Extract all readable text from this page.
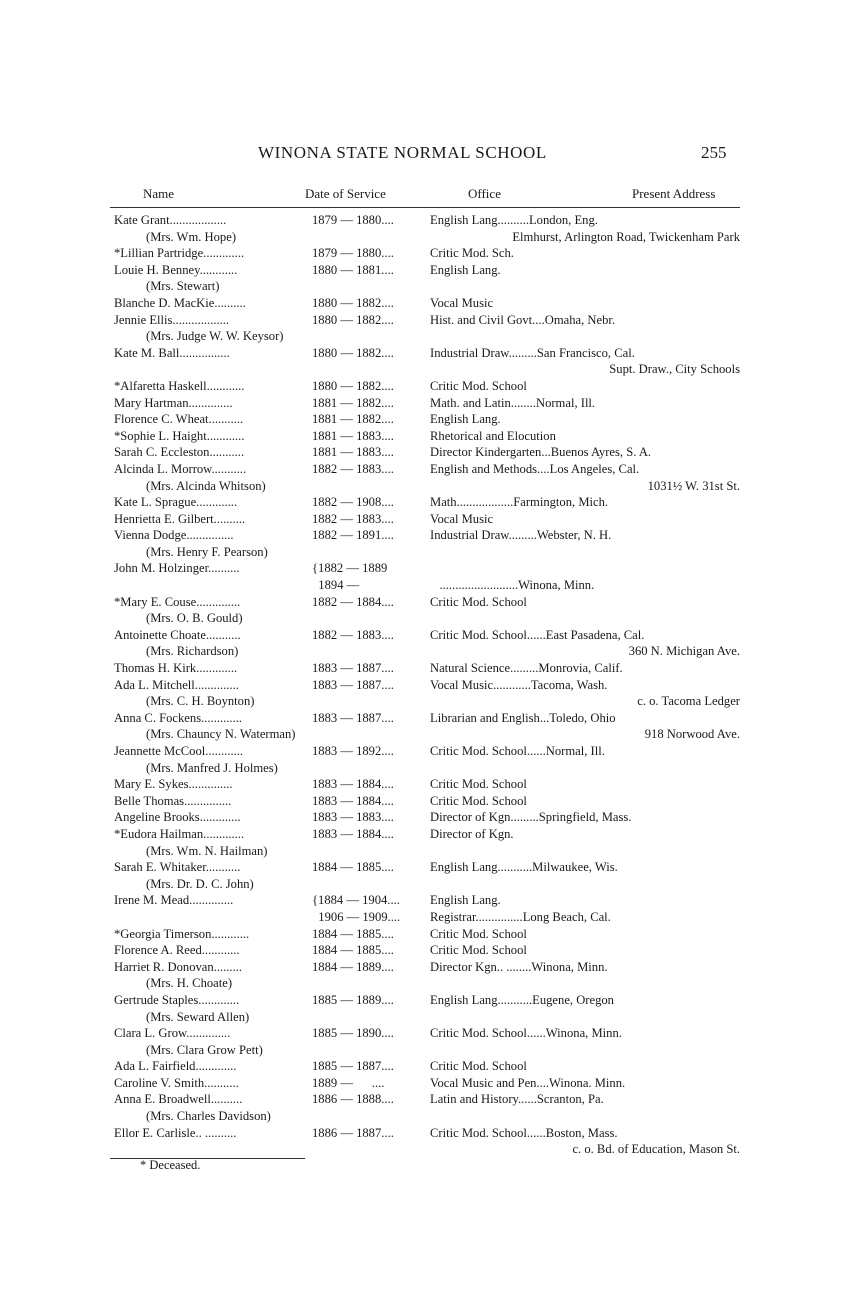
WINONA STATE NORMAL SCHOOL	255
Name	Date of Service	Office	Present Address
Kate Grant..................	1879 — 1880....	English Lang..........London, Eng.
(Mrs. Wm. Hope)	Elmhurst, Arlington Road, Twickenham Park
*Lillian Partridge.............	1879 — 1880....	Critic Mod. Sch.
Louie H. Benney............	1880 — 1881....	English Lang.
(Mrs. Stewart)
Blanche D. MacKie..........	1880 — 1882....	Vocal Music
Jennie Ellis..................	1880 — 1882....	Hist. and Civil Govt....Omaha, Nebr.
(Mrs. Judge W. W. Keysor)
Kate M. Ball................	1880 — 1882....	Industrial Draw.........San Francisco, Cal.
Supt. Draw., City Schools
*Alfaretta Haskell............	1880 — 1882....	Critic Mod. School
Mary Hartman..............	1881 — 1882....	Math. and Latin........Normal, Ill.
Florence C. Wheat...........	1881 — 1882....	English Lang.
*Sophie L. Haight............	1881 — 1883....	Rhetorical and Elocution
Sarah C. Eccleston...........	1881 — 1883....	Director Kindergarten...Buenos Ayres, S. A.
Alcinda L. Morrow...........	1882 — 1883....	English and Methods....Los Angeles, Cal.
(Mrs. Alcinda Whitson)	1031½ W. 31st St.
Kate L. Sprague.............	1882 — 1908....	Math..................Farmington, Mich.
Henrietta E. Gilbert..........	1882 — 1883....	Vocal Music
Vienna Dodge...............	1882 — 1891....	Industrial Draw.........Webster, N. H.
(Mrs. Henry F. Pearson)
John M. Holzinger..........	{1882 — 1889
1894 —	.........................Winona, Minn.
*Mary E. Couse..............	1882 — 1884....	Critic Mod. School
(Mrs. O. B. Gould)
Antoinette Choate...........	1882 — 1883....	Critic Mod. School......East Pasadena, Cal.
(Mrs. Richardson)	360 N. Michigan Ave.
Thomas H. Kirk.............	1883 — 1887....	Natural Science.........Monrovia, Calif.
Ada L. Mitchell..............	1883 — 1887....	Vocal Music............Tacoma, Wash.
(Mrs. C. H. Boynton)	c. o. Tacoma Ledger
Anna C. Fockens.............	1883 — 1887....	Librarian and English...Toledo, Ohio
(Mrs. Chauncy N. Waterman)	918 Norwood Ave.
Jeannette McCool............	1883 — 1892....	Critic Mod. School......Normal, Ill.
(Mrs. Manfred J. Holmes)
Mary E. Sykes..............	1883 — 1884....	Critic Mod. School
Belle Thomas...............	1883 — 1884....	Critic Mod. School
Angeline Brooks.............	1883 — 1883....	Director of Kgn.........Springfield, Mass.
*Eudora Hailman.............	1883 — 1884....	Director of Kgn.
(Mrs. Wm. N. Hailman)
Sarah E. Whitaker...........	1884 — 1885....	English Lang...........Milwaukee, Wis.
(Mrs. Dr. D. C. John)
Irene M. Mead..............	{1884 — 1904.... English Lang.
1906 — 1909.... Registrar...............Long Beach, Cal.
*Georgia Timerson............	1884 — 1885....	Critic Mod. School
Florence A. Reed............	1884 — 1885....	Critic Mod. School
Harriet R. Donovan.........	1884 — 1889....	Director Kgn.. ........Winona, Minn.
(Mrs. H. Choate)
Gertrude Staples.............	1885 — 1889....	English Lang...........Eugene, Oregon
(Mrs. Seward Allen)
Clara L. Grow..............	1885 — 1890....	Critic Mod. School......Winona, Minn.
(Mrs. Clara Grow Pett)
Ada L. Fairfield.............	1885 — 1887....	Critic Mod. School
Caroline V. Smith...........	1889 —      ....	Vocal Music and Pen....Winona. Minn.
Anna E. Broadwell..........	1886 — 1888....	Latin and History......Scranton, Pa.
(Mrs. Charles Davidson)
Ellor E. Carlisle.. ..........	1886 — 1887....	Critic Mod. School......Boston, Mass.
c. o. Bd. of Education, Mason St.
* Deceased.
